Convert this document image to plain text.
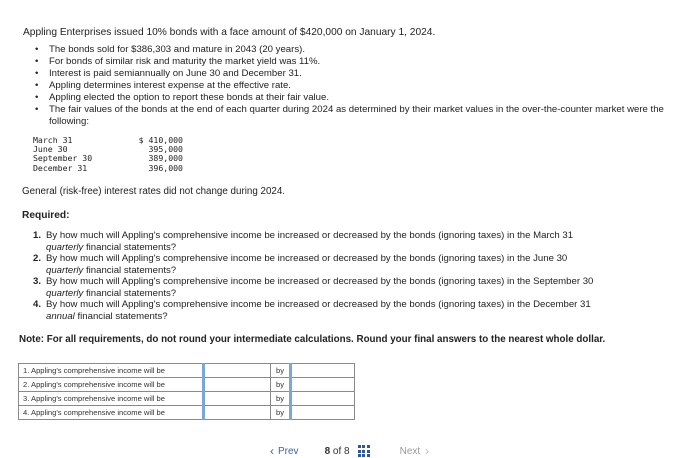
Appling Enterprises issued 10% bonds with a face amount of $420,000 on January 1, 2024.
• The bonds sold for $386,303 and mature in 2043 (20 years).
• For bonds of similar risk and maturity the market yield was 11%.
• Interest is paid semiannually on June 30 and December 31.
• Appling determines interest expense at the effective rate.
• Appling elected the option to report these bonds at their fair value.
• The fair values of the bonds at the end of each quarter during 2024 as determined by their market values in the over-the-counter market were the following:
March 31	$ 410,000
June 30	395,000
September 30	389,000
December 31	396,000
General (risk-free) interest rates did not change during 2024.
Required:
1. By how much will Appling's comprehensive income be increased or decreased by the bonds (ignoring taxes) in the March 31
quarterly financial statements?
2. By how much will Appling's comprehensive income be increased or decreased by the bonds (ignoring taxes) in the June 30
quarterly financial statements?
3. By how much will Appling's comprehensive income be increased or decreased by the bonds (ignoring taxes) in the September 30
quarterly financial statements?
4. By how much will Appling's comprehensive income be increased or decreased by the bonds (ignoring taxes) in the December 31
annual financial statements?
Note: For all requirements, do not round your intermediate calculations. Round your final answers to the nearest whole dollar.
1. Appling's comprehensive income will be		by	
2. Appling's comprehensive income will be		by	
3. Appling's comprehensive income will be		by	
4. Appling's comprehensive income will be		by	
‹ Prev	8 of 8	Next ›
